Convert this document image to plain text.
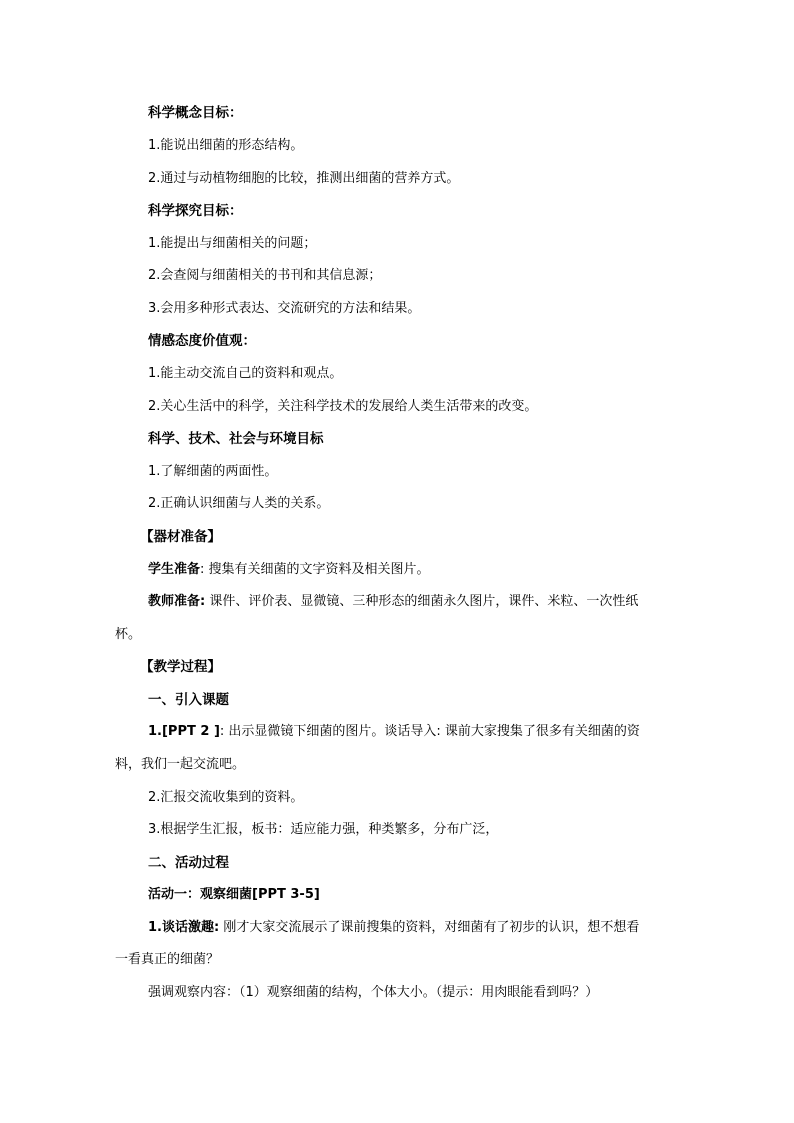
科学概念目标：
1.能说出细菌的形态结构。
2.通过与动植物细胞的比较，推测出细菌的营养方式。
科学探究目标：
1.能提出与细菌相关的问题；
2.会查阅与细菌相关的书刊和其信息源；
3.会用多种形式表达、交流研究的方法和结果。
情感态度价值观：
1.能主动交流自己的资料和观点。
2.关心生活中的科学，关注科学技术的发展给人类生活带来的改变。
科学、技术、社会与环境目标
1.了解细菌的两面性。
2.正确认识细菌与人类的关系。
【器材准备】
学生准备: 搜集有关细菌的文字资料及相关图片。
教师准备: 课件、评价表、显微镜、三种形态的细菌永久图片，课件、米粒、一次性纸
杯。
【教学过程】
一、引入课题
1.[PPT 2 ]: 出示显微镜下细菌的图片。谈话导入: 课前大家搜集了很多有关细菌的资
料，我们一起交流吧。
2.汇报交流收集到的资料。
3.根据学生汇报，板书：适应能力强，种类繁多，分布广泛，
二、活动过程
活动一：观察细菌[PPT 3-5]
1.谈话激趣: 刚才大家交流展示了课前搜集的资料，对细菌有了初步的认识，想不想看
一看真正的细菌？
强调观察内容：（1）观察细菌的结构，个体大小。（提示：用肉眼能看到吗？）
